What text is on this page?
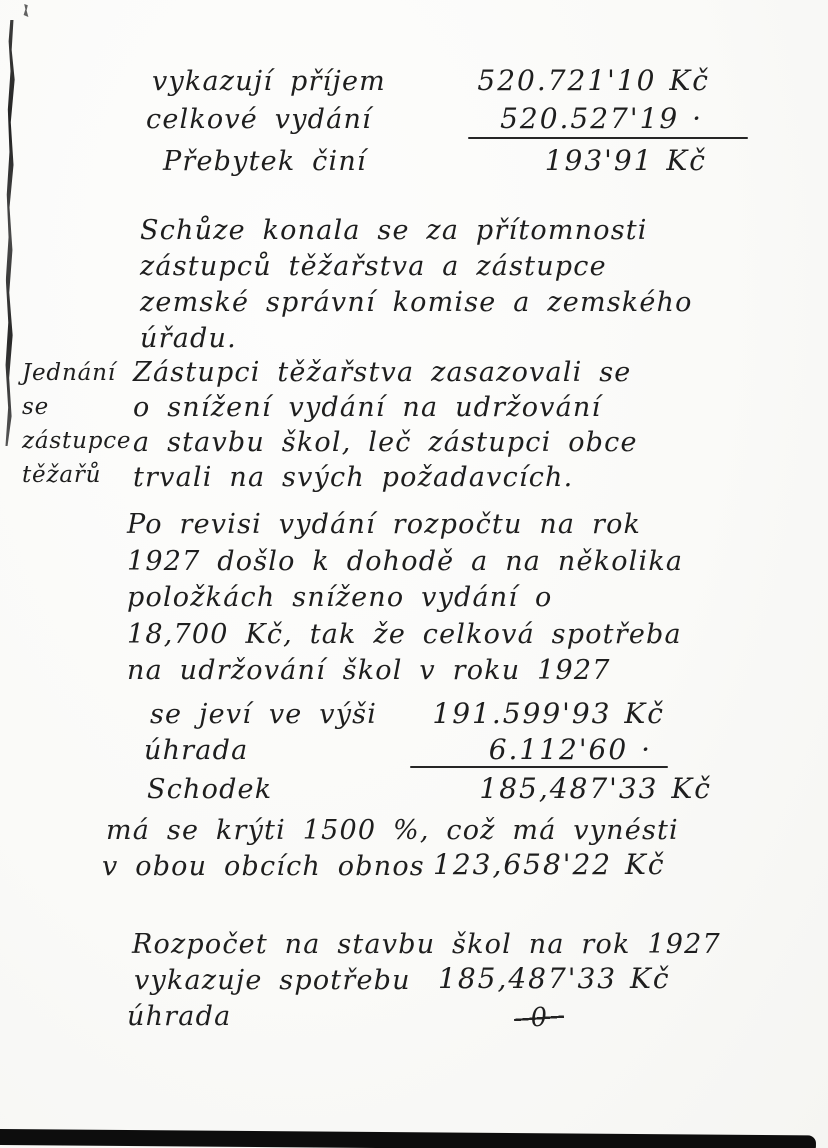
vykazují příjem	520.721'10 Kč
celkové vydání	520.527'19 ·
Přebytek činí	193'91 Kč
Schůze konala se za přítomnosti
zástupců těžařstva a zástupce
zemské správní komise a zemského
úřadu.
Jednání
se
zástupce
těžařů
Zástupci těžařstva zasazovali se
o snížení vydání na udržování
a stavbu škol, leč zástupci obce
trvali na svých požadavcích.
Po revisi vydání rozpočtu na rok
1927 došlo k dohodě a na několika
položkách sníženo vydání o
18,700 Kč, tak že celková spotřeba
na udržování škol v roku 1927
se jeví ve výši 191.599'93 Kč
úhrada	6.112'60 ·
Schodek	185,487'33 Kč
má se krýti 1500 %, což má vynésti
v obou obcích obnos 123,658'22 Kč
Rozpočet na stavbu škol na rok 1927
vykazuje spotřebu 185,487'33 Kč
úhrada	0
